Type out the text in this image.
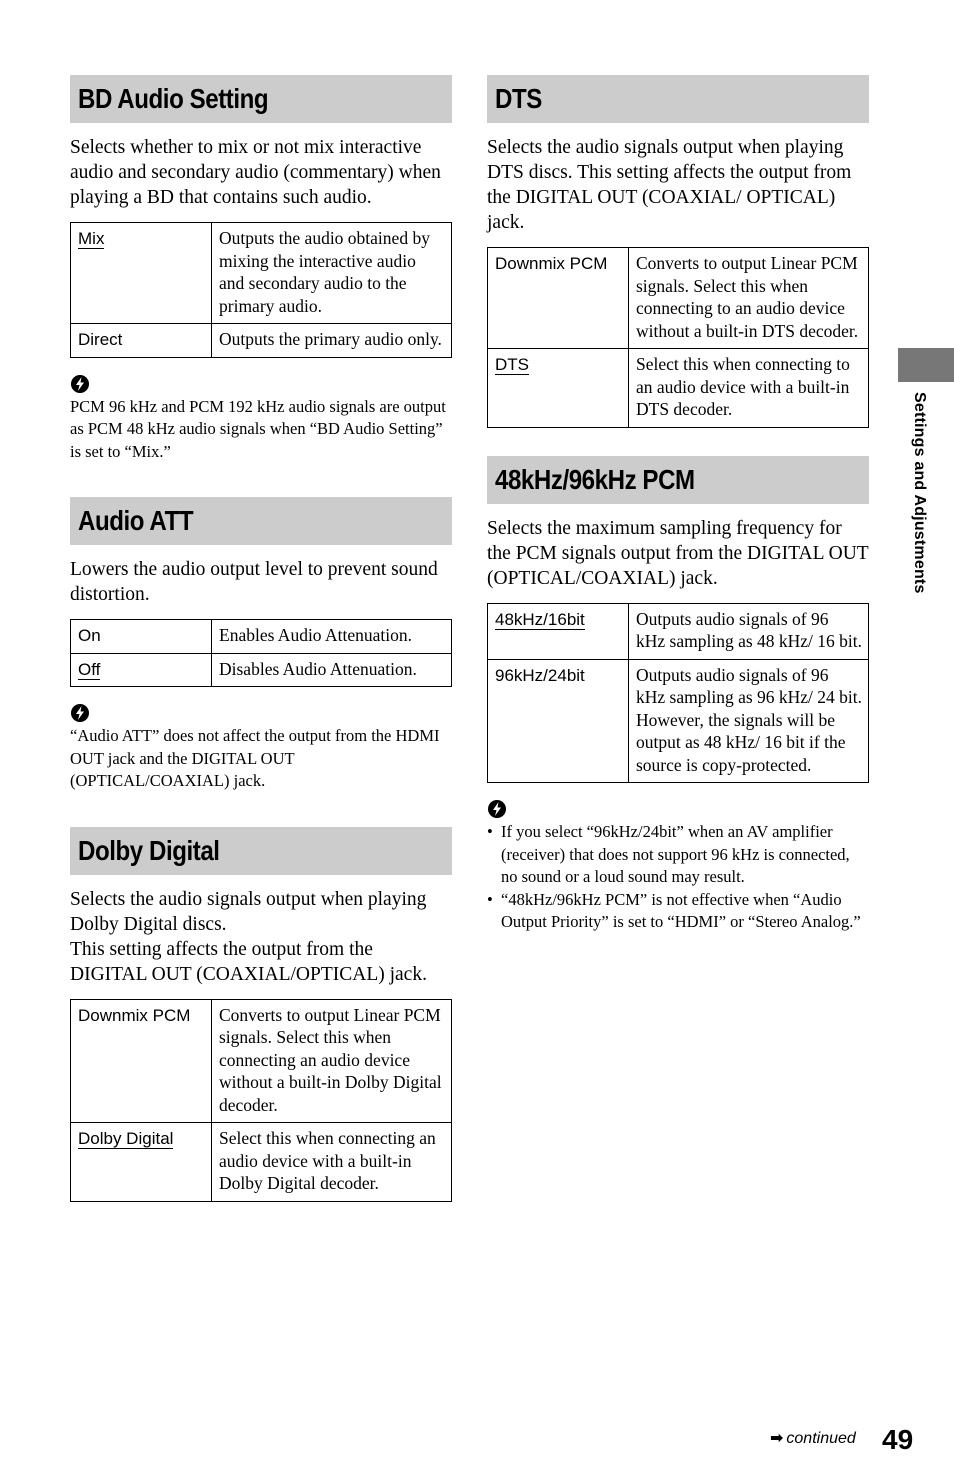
BD Audio Setting

Selects whether to mix or not mix interactive audio and secondary audio (commentary) when playing a BD that contains such audio.

Mix	Outputs the audio obtained by mixing the interactive audio and secondary audio to the primary audio.
Direct	Outputs the primary audio only.
PCM 96 kHz and PCM 192 kHz audio signals are output as PCM 48 kHz audio signals when “BD Audio Setting” is set to “Mix.”
Audio ATT

Lowers the audio output level to prevent sound distortion.

On	Enables Audio Attenuation.
Off	Disables Audio Attenuation.
“Audio ATT” does not affect the output from the HDMI OUT jack and the DIGITAL OUT (OPTICAL/COAXIAL) jack.
Dolby Digital

Selects the audio signals output when playing Dolby Digital discs.

This setting affects the output from the DIGITAL OUT (COAXIAL/OPTICAL) jack.

Downmix PCM	Converts to output Linear PCM signals. Select this when connecting an audio device without a built-in Dolby Digital decoder.
Dolby Digital	Select this when connecting an audio device with a built-in Dolby Digital decoder.
DTS

Selects the audio signals output when playing DTS discs. This setting affects the output from the DIGITAL OUT (COAXIAL/ OPTICAL) jack.

Downmix PCM	Converts to output Linear PCM signals. Select this when connecting to an audio device without a built-in DTS decoder.
DTS	Select this when connecting to an audio device with a built-in DTS decoder.
48kHz/96kHz PCM

Selects the maximum sampling frequency for the PCM signals output from the DIGITAL OUT (OPTICAL/COAXIAL) jack.

48kHz/16bit	Outputs audio signals of 96 kHz sampling as 48 kHz/ 16 bit.
96kHz/24bit	Outputs audio signals of 96 kHz sampling as 96 kHz/ 24 bit. However, the signals will be output as 48 kHz/ 16 bit if the source is copy-protected.
• If you select “96kHz/24bit” when an AV amplifier (receiver) that does not support 96 kHz is connected, no sound or a loud sound may result.
• “48kHz/96kHz PCM” is not effective when “Audio Output Priority” is set to “HDMI” or “Stereo Analog.”
Settings and Adjustments
➡ continued 49
